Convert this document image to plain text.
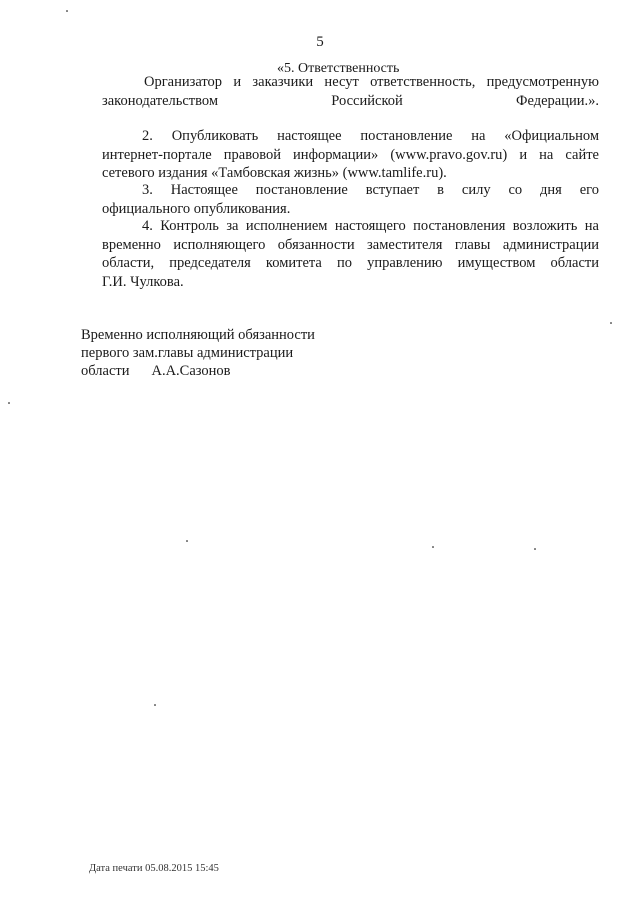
5
«5. Ответственность
Организатор и заказчики несут ответственность, предусмотренную
законодательством Российской Федерации.».
2. Опубликовать настоящее постановление на «Официальном
интернет-портале правовой информации» (www.pravo.gov.ru) и на сайте
сетевого издания «Тамбовская жизнь» (www.tamlife.ru).
3. Настоящее постановление вступает в силу со дня его
официального опубликования.
4. Контроль за исполнением настоящего постановления возложить на
временно исполняющего обязанности заместителя главы администрации
области, председателя комитета по управлению имуществом области
Г.И. Чулкова.
Временно исполняющий обязанности
первого зам.главы администрации
области А.А.Сазонов
Дата печати 05.08.2015 15:45
